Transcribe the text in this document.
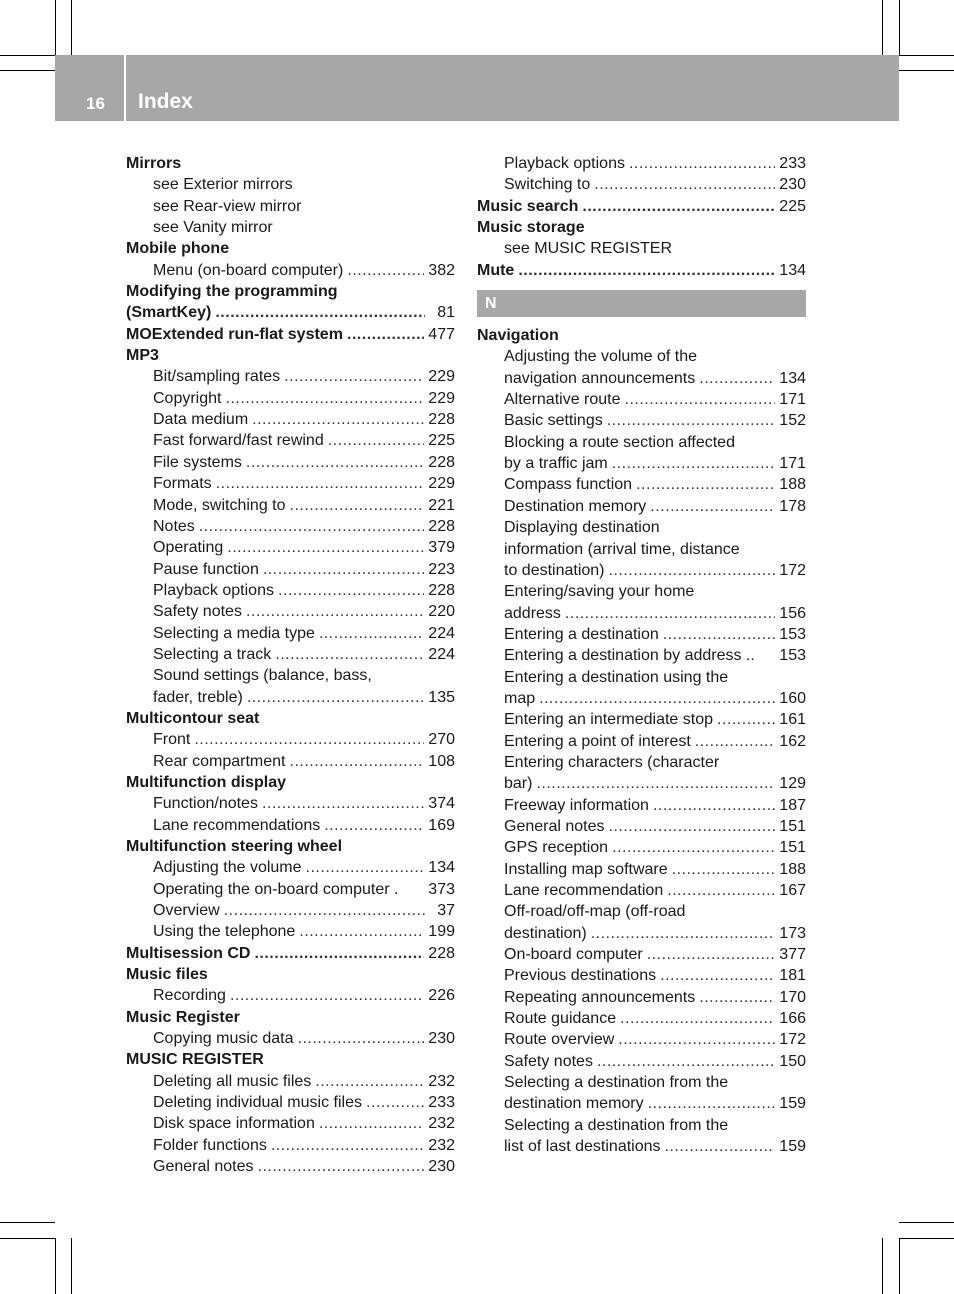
16 Index
Mirrors
see Exterior mirrors
see Rear-view mirror
see Vanity mirror
Mobile phone
Menu (on-board computer) .....	382
Modifying the programming
(SmartKey) .....	81
MOExtended run-flat system .....	477
MP3
Bit/sampling rates .....	229
Copyright .....	229
Data medium .....	228
Fast forward/fast rewind .....	225
File systems .....	228
Formats .....	229
Mode, switching to .....	221
Notes .....	228
Operating .....	379
Pause function .....	223
Playback options .....	228
Safety notes .....	220
Selecting a media type .....	224
Selecting a track .....	224
Sound settings (balance, bass,
fader, treble) .....	135
Multicontour seat
Front .....	270
Rear compartment .....	108
Multifunction display
Function/notes .....	374
Lane recommendations .....	169
Multifunction steering wheel
Adjusting the volume .....	134
Operating the on-board computer . 373
Overview .....	37
Using the telephone .....	199
Multisession CD .....	228
Music files
Recording .....	226
Music Register
Copying music data .....	230
MUSIC REGISTER
Deleting all music files .....	232
Deleting individual music files .....	233
Disk space information .....	232
Folder functions .....	232
General notes .....	230
Playback options .....	233
Switching to .....	230
Music search .....	225
Music storage
see MUSIC REGISTER
Mute .....	134
N
Navigation
Adjusting the volume of the
navigation announcements .....	134
Alternative route .....	171
Basic settings .....	152
Blocking a route section affected
by a traffic jam .....	171
Compass function .....	188
Destination memory .....	178
Displaying destination
information (arrival time, distance
to destination) .....	172
Entering/saving your home
address .....	156
Entering a destination .....	153
Entering a destination by address .. 153
Entering a destination using the
map .....	160
Entering an intermediate stop .....	161
Entering a point of interest .....	162
Entering characters (character
bar) .....	129
Freeway information .....	187
General notes .....	151
GPS reception .....	151
Installing map software .....	188
Lane recommendation .....	167
Off-road/off-map (off-road
destination) .....	173
On-board computer .....	377
Previous destinations .....	181
Repeating announcements .....	170
Route guidance .....	166
Route overview .....	172
Safety notes .....	150
Selecting a destination from the
destination memory .....	159
Selecting a destination from the
list of last destinations .....	159
